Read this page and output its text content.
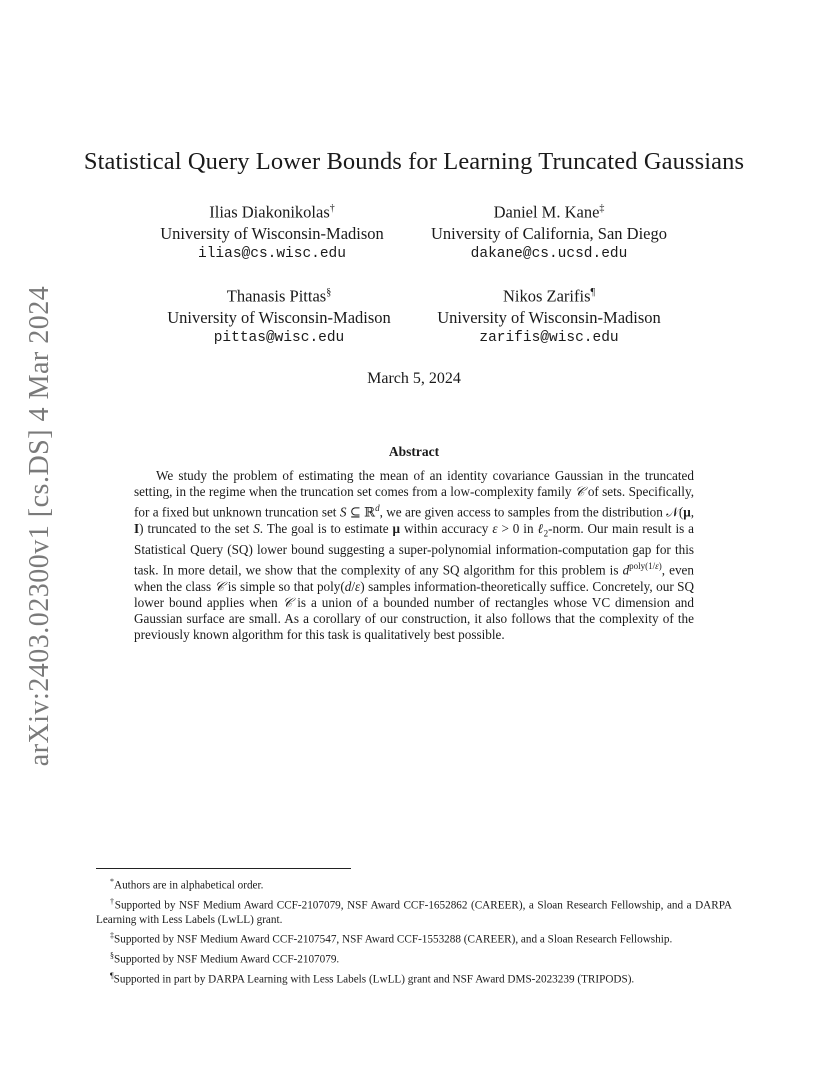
arXiv:2403.02300v1 [cs.DS] 4 Mar 2024
Statistical Query Lower Bounds for Learning Truncated Gaussians
Ilias Diakonikolas†
University of Wisconsin-Madison
ilias@cs.wisc.edu
Daniel M. Kane‡
University of California, San Diego
dakane@cs.ucsd.edu
Thanasis Pittas§
University of Wisconsin-Madison
pittas@wisc.edu
Nikos Zarifis¶
University of Wisconsin-Madison
zarifis@wisc.edu
March 5, 2024
Abstract
We study the problem of estimating the mean of an identity covariance Gaussian in the truncated setting, in the regime when the truncation set comes from a low-complexity family 𝒞 of sets. Specifically, for a fixed but unknown truncation set S ⊆ ℝ$^d$, we are given access to samples from the distribution 𝒩(μ, I) truncated to the set S. The goal is to estimate μ within accuracy ε > 0 in ℓ$_2$-norm. Our main result is a Statistical Query (SQ) lower bound suggesting a super-polynomial information-computation gap for this task. In more detail, we show that the complexity of any SQ algorithm for this problem is $d^{poly(1/\varepsilon)}$, even when the class 𝒞 is simple so that poly(d/ε) samples information-theoretically suffice. Concretely, our SQ lower bound applies when 𝒞 is a union of a bounded number of rectangles whose VC dimension and Gaussian surface are small. As a corollary of our construction, it also follows that the complexity of the previously known algorithm for this task is qualitatively best possible.
*Authors are in alphabetical order.
†Supported by NSF Medium Award CCF-2107079, NSF Award CCF-1652862 (CAREER), a Sloan Research Fellowship, and a DARPA Learning with Less Labels (LwLL) grant.
‡Supported by NSF Medium Award CCF-2107547, NSF Award CCF-1553288 (CAREER), and a Sloan Research Fellowship.
§Supported by NSF Medium Award CCF-2107079.
¶Supported in part by DARPA Learning with Less Labels (LwLL) grant and NSF Award DMS-2023239 (TRIPODS).
